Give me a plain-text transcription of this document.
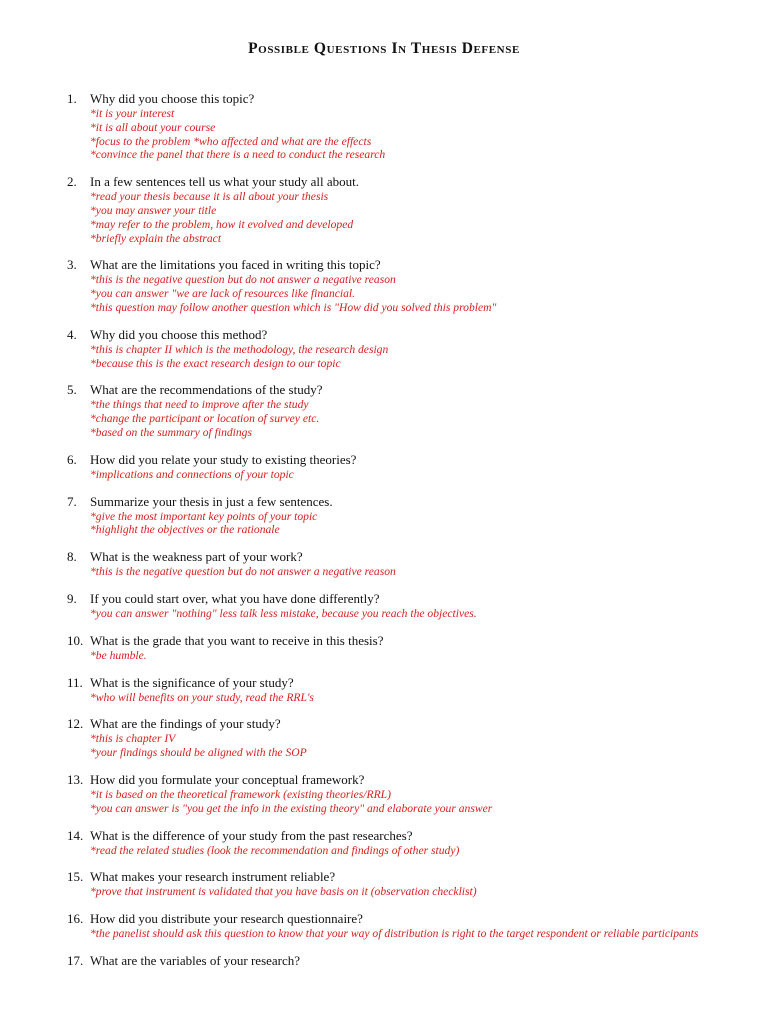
Possible Questions In Thesis Defense
1. Why did you choose this topic?
*it is your interest
*it is all about your course
*focus to the problem *who affected and what are the effects
*convince the panel that there is a need to conduct the research
2. In a few sentences tell us what your study all about.
*read your thesis because it is all about your thesis
*you may answer your title
*may refer to the problem, how it evolved and developed
*briefly explain the abstract
3. What are the limitations you faced in writing this topic?
*this is the negative question but do not answer a negative reason
*you can answer "we are lack of resources like financial.
*this question may follow another question which is "How did you solved this problem"
4. Why did you choose this method?
*this is chapter II which is the methodology, the research design
*because this is the exact research design to our topic
5. What are the recommendations of the study?
*the things that need to improve after the study
*change the participant or location of survey etc.
*based on the summary of findings
6. How did you relate your study to existing theories?
*implications and connections of your topic
7. Summarize your thesis in just a few sentences.
*give the most important key points of your topic
*highlight the objectives or the rationale
8. What is the weakness part of your work?
*this is the negative question but do not answer a negative reason
9. If you could start over, what you have done differently?
*you can answer "nothing" less talk less mistake, because you reach the objectives.
10. What is the grade that you want to receive in this thesis?
*be humble.
11. What is the significance of your study?
*who will benefits on your study, read the RRL's
12. What are the findings of your study?
*this is chapter IV
*your findings should be aligned with the SOP
13. How did you formulate your conceptual framework?
*it is based on the theoretical framework (existing theories/RRL)
*you can answer is "you get the info in the existing theory" and elaborate your answer
14. What is the difference of your study from the past researches?
*read the related studies (look the recommendation and findings of other study)
15. What makes your research instrument reliable?
*prove that instrument is validated that you have basis on it (observation checklist)
16. How did you distribute your research questionnaire?
*the panelist should ask this question to know that your way of distribution is right to the target respondent or reliable participants
17. What are the variables of your research?
